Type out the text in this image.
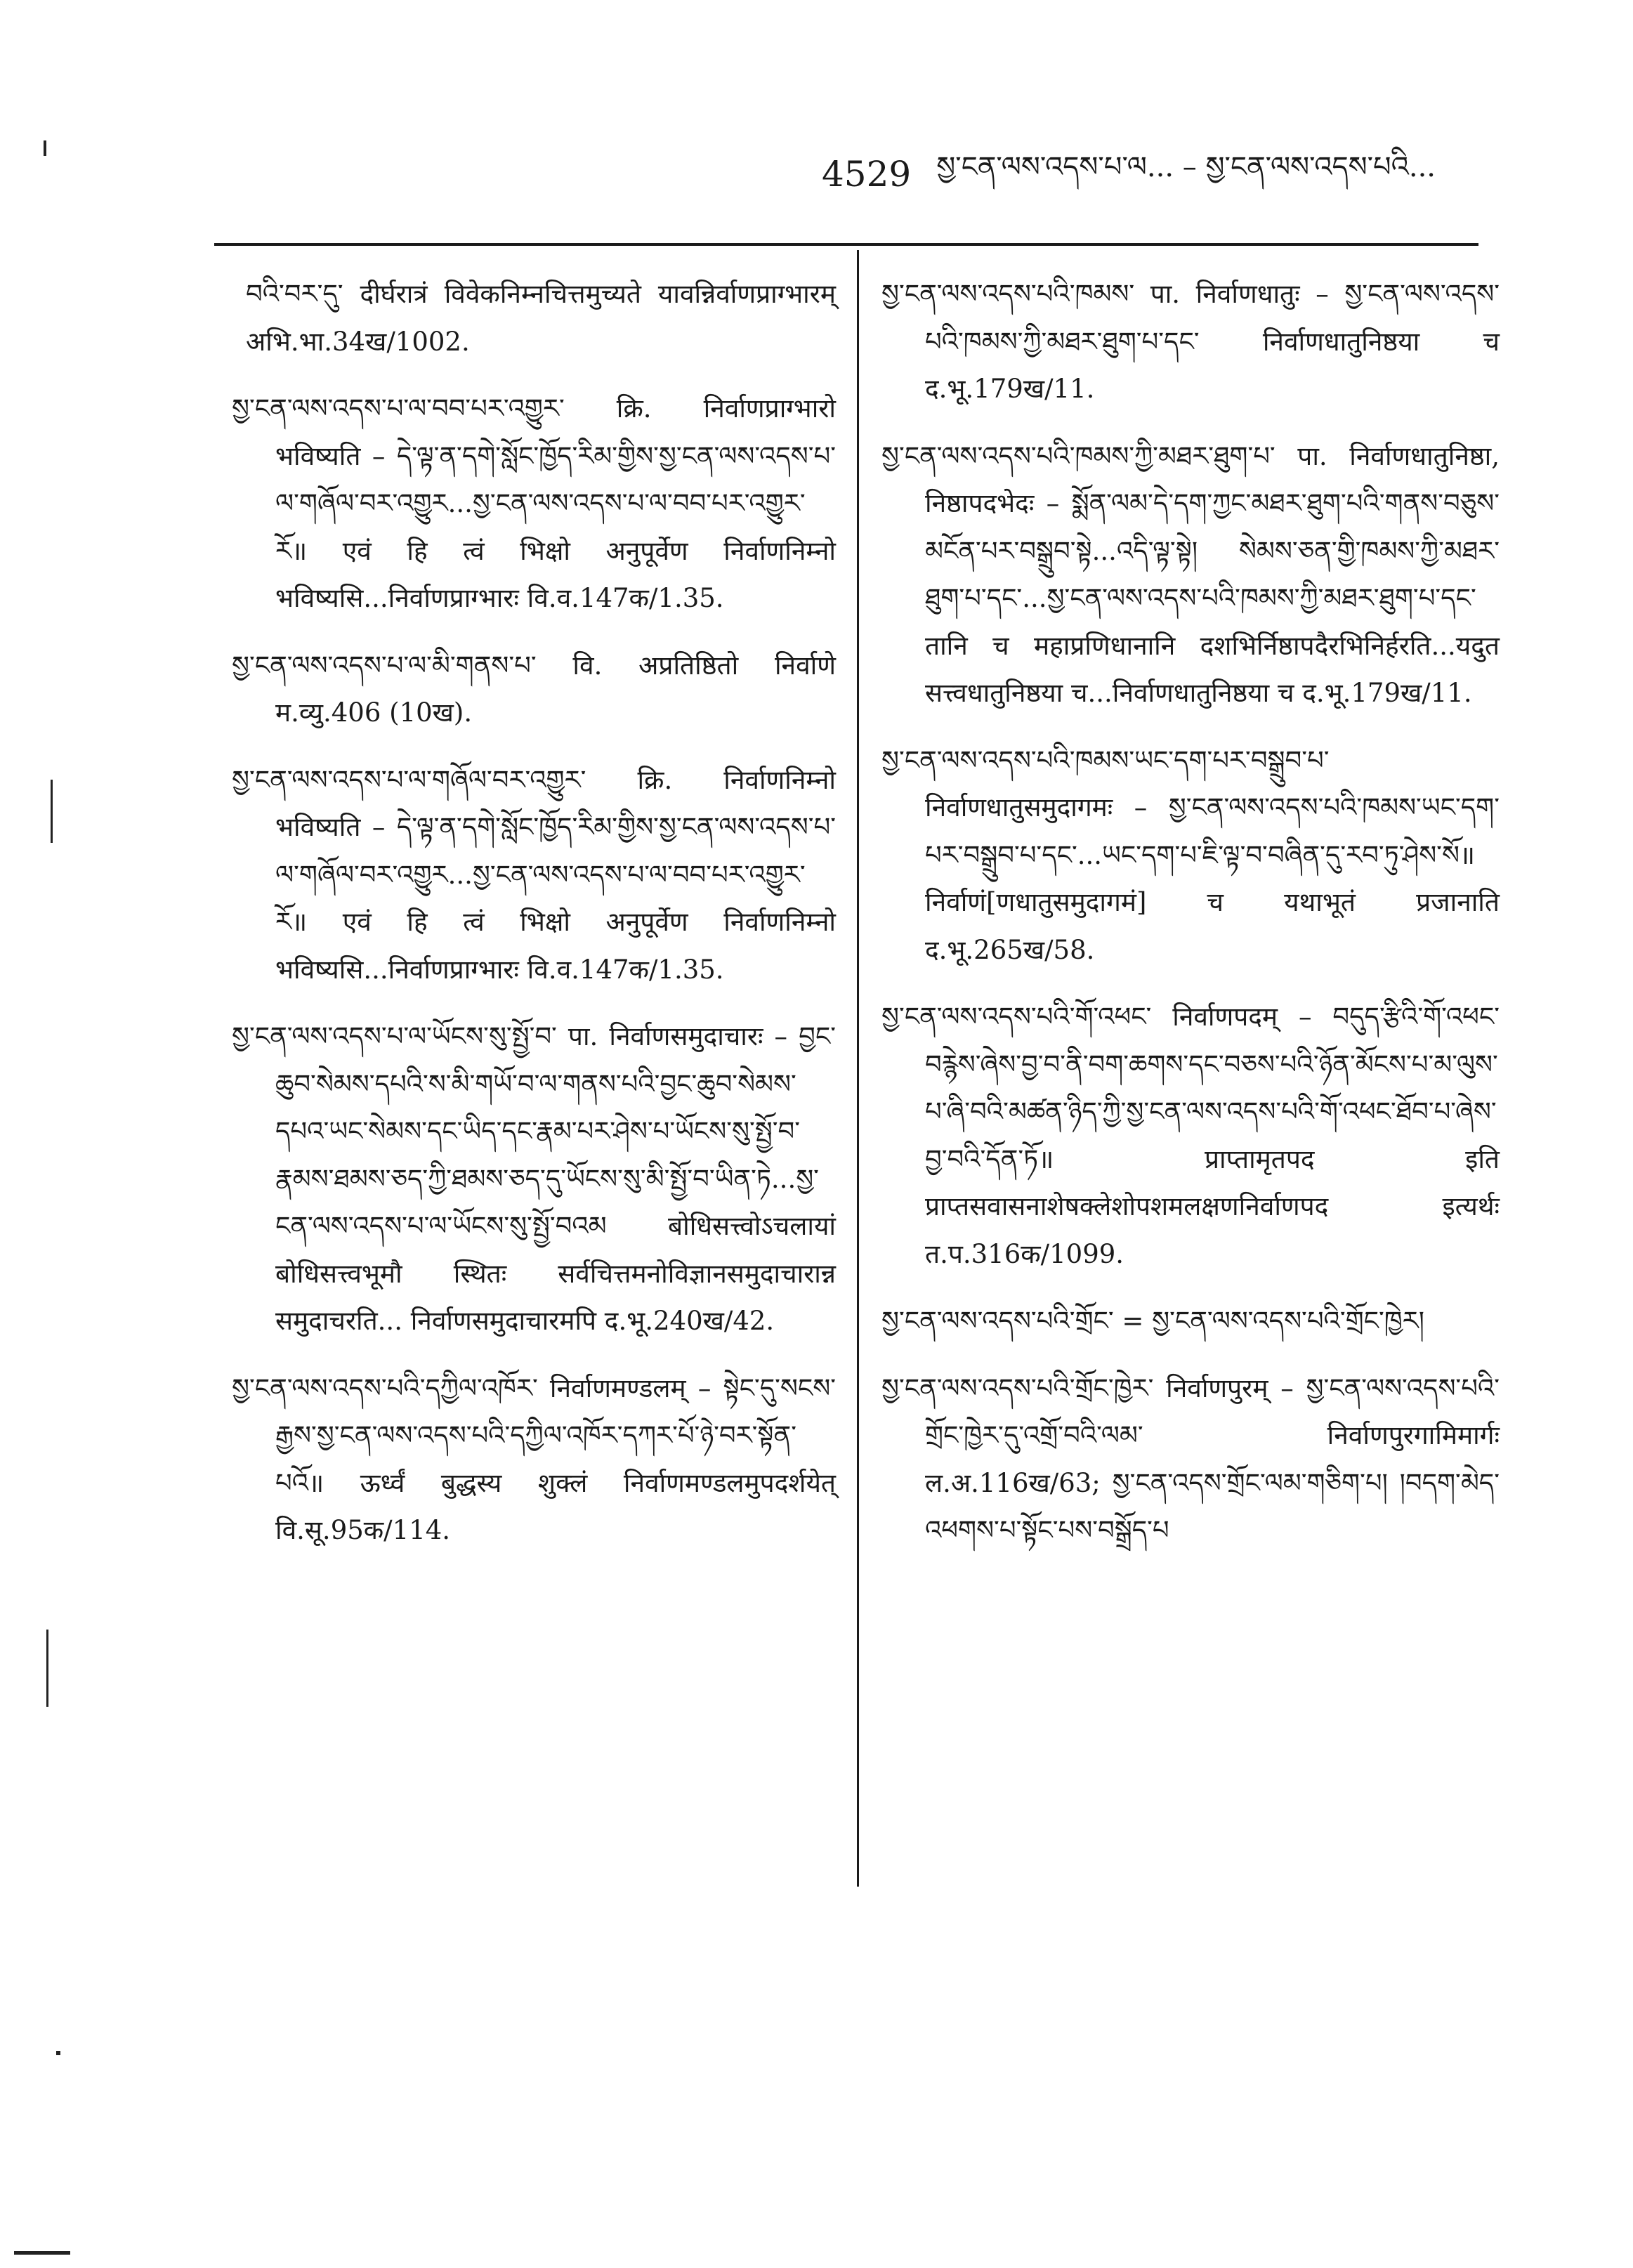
4529 སྱ་ངན་ལས་འདས་པ་ལ... – སྱ་ངན་ལས་འདས་པའི...

བའི་བར་དུ་ दीर्घरात्रं विवेकनिम्नचित्तमुच्यते यावन्निर्वाणप्राग्भारम् अभि.भा.34ख/1002.

སྱ་ངན་ལས་འདས་པ་ལ་བབ་པར་འགྱུར་ क्रि. निर्वाणप्राग्भारो भविष्यति – དེ་ལྟ་ན་དགེ་སློང་ཁྱོད་རིམ་གྱིས་སྱ་ངན་ལས་འདས་པ་ལ་གཞོལ་བར་འགྱུར...སྱ་ངན་ལས་འདས་པ་ལ་བབ་པར་འགྱུར་རོ॥ एवं हि त्वं भिक्षो अनुपूर्वेण निर्वाणनिम्नो भविष्यसि...निर्वाणप्राग्भारः वि.व.147क/1.35.

སྱ་ངན་ལས་འདས་པ་ལ་མི་གནས་པ་ वि. अप्रतिष्ठितो निर्वाणे म.व्यु.406 (10ख).

སྱ་ངན་ལས་འདས་པ་ལ་གཞོལ་བར་འགྱུར་ क्रि. निर्वाणनिम्नो भविष्यति – དེ་ལྟ་ན་དགེ་སློང་ཁྱོད་རིམ་གྱིས་སྱ་ངན་ལས་འདས་པ་ལ་གཞོལ་བར་འགྱུར...སྱ་ངན་ལས་འདས་པ་ལ་བབ་པར་འགྱུར་རོ॥ एवं हि त्वं भिक्षो अनुपूर्वेण निर्वाणनिम्नो भविष्यसि...निर्वाणप्राग्भारः वि.व.147क/1.35.

སྱ་ངན་ལས་འདས་པ་ལ་ཡོངས་སུ་སྤྱོ་བ་ पा. निर्वाणसमुदाचारः – བྱང་ཆུབ་སེམས་དཔའི་ས་མི་གཡོ་བ་ལ་གནས་པའི་བྱང་ཆུབ་སེམས་དཔའ་ཡང་སེམས་དང་ཡིད་དང་རྣམ་པར་ཤེས་པ་ཡོངས་སུ་སྤྱོ་བ་རྣམས་ཐམས་ཅད་ཀྱི་ཐམས་ཅད་དུ་ཡོངས་སུ་མི་སྤྱོ་བ་ཡིན་ཏེ...སྱ་ངན་ལས་འདས་པ་ལ་ཡོངས་སུ་སྤྱོ་བའམ बोधिसत्त्वोऽचलायां बोधिसत्त्वभूमौ स्थितः सर्वचित्तमनोविज्ञानसमुदाचारान्न समुदाचरति... निर्वाणसमुदाचारमपि द.भू.240ख/42.

སྱ་ངན་ལས་འདས་པའི་དཀྱིལ་འཁོར་ निर्वाणमण्डलम् – སྟེང་དུ་སངས་རྒྱས་སྱ་ངན་ལས་འདས་པའི་དཀྱིལ་འཁོར་དཀར་པོ་ཉེ་བར་སྟོན་པའོ॥ ऊर्ध्वं बुद्धस्य शुक्लं निर्वाणमण्डलमुपदर्शयेत् वि.सू.95क/114.

སྱ་ངན་ལས་འདས་པའི་ཁམས་ पा. निर्वाणधातुः – སྱ་ངན་ལས་འདས་པའི་ཁམས་ཀྱི་མཐར་ཐུག་པ་དང་ निर्वाणधातुनिष्ठया च द.भू.179ख/11.

སྱ་ངན་ལས་འདས་པའི་ཁམས་ཀྱི་མཐར་ཐུག་པ་ पा. निर्वाणधातुनिष्ठा, निष्ठापदभेदः – སྨོན་ལམ་དེ་དག་ཀྱང་མཐར་ཐུག་པའི་གནས་བཅུས་མངོན་པར་བསྒྲུབ་སྟེ...འདི་ལྟ་སྟེ། སེམས་ཅན་གྱི་ཁམས་ཀྱི་མཐར་ཐུག་པ་དང་...སྱ་ངན་ལས་འདས་པའི་ཁམས་ཀྱི་མཐར་ཐུག་པ་དང་ तानि च महाप्रणिधानानि दशभिर्निष्ठापदैरभिनिर्हरति...यदुत सत्त्वधातुनिष्ठया च...निर्वाणधातुनिष्ठया च द.भू.179ख/11.

སྱ་ངན་ལས་འདས་པའི་ཁམས་ཡང་དག་པར་བསྒྲུབ་པ་ निर्वाणधातुसमुदागमः – སྱ་ངན་ལས་འདས་པའི་ཁམས་ཡང་དག་པར་བསྒྲུབ་པ་དང་...ཡང་དག་པ་ཇི་ལྟ་བ་བཞིན་དུ་རབ་ཏུ་ཤེས་སོ॥ निर्वाणं[णधातुसमुदागमं] च यथाभूतं प्रजानाति द.भू.265ख/58.

སྱ་ངན་ལས་འདས་པའི་གོ་འཕང་ निर्वाणपदम् – བདུད་རྩིའི་གོ་འཕང་བརྙེས་ཞེས་བྱ་བ་ནི་བག་ཆགས་དང་བཅས་པའི་ཉོན་མོངས་པ་མ་ལུས་པ་ཞི་བའི་མཚན་ཉིད་ཀྱི་སྱ་ངན་ལས་འདས་པའི་གོ་འཕང་ཐོབ་པ་ཞེས་བྱ་བའི་དོན་ཏོ॥ प्राप्तामृतपद इति प्राप्तसवासनाशेषक्लेशोपशमलक्षणनिर्वाणपद इत्यर्थः त.प.316क/1099.

སྱ་ངན་ལས་འདས་པའི་གྲོང་ = སྱ་ངན་ལས་འདས་པའི་གྲོང་ཁྱེར།

སྱ་ངན་ལས་འདས་པའི་གྲོང་ཁྱེར་ निर्वाणपुरम् – སྱ་ངན་ལས་འདས་པའི་གྲོང་ཁྱེར་དུ་འགྲོ་བའི་ལམ་ निर्वाणपुरगामिमार्गः ल.अ.116ख/63; སྱ་ངན་འདས་གྲོང་ལམ་གཅིག་པ། །བདག་མེད་འཕགས་པ་སྟོང་པས་བསྒྲོད་པ
